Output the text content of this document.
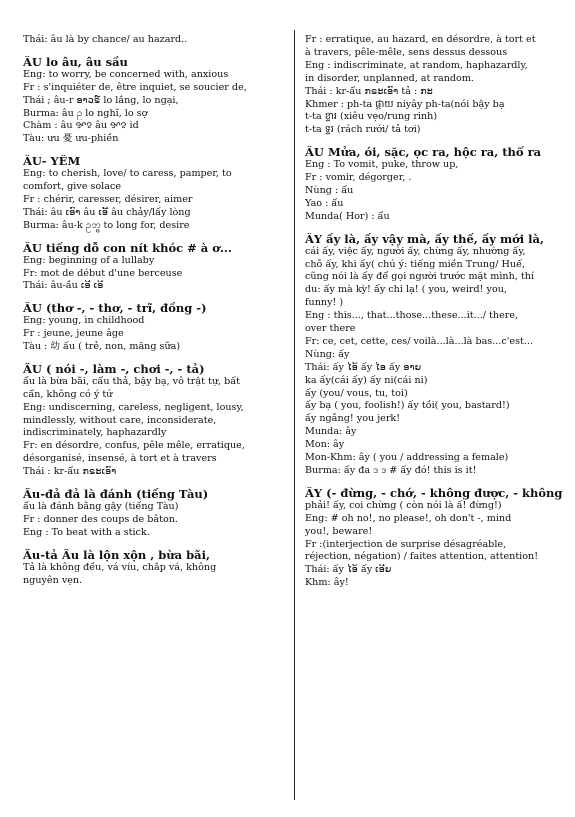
Thái: âu là by chance/ au hazard..
ÂU lo âu, âu sầu
Eng: to worry, be concerned with, anxious
Fr : s'inquiéter de, être inquiet, se soucier de,
Thái ; âu-r ອາວຣ໌ lo lắng, lo ngại,
Burma: âu ဥ lo nghĩ, lo sợ
Chàm : âu ꨀꨂ âu ꨀꨂ id
Tàu: ưu 憂 ưu-phiền
ÂU- YẾM
Eng: to cherish, love/ to caress, pamper, to
comfort, give solace
Fr : chérir, caresser, désirer, aimer
Thái: âu ເອົາ âu ເອີ້ âu chảy/lấy lòng
Burma: âu-k ဥဘ္ဓ to long for, desire
ẦU tiếng dỗ con nít khóc # à ơ...
Eng: beginning of a lullaby
Fr: mot de début d'une berceuse
Thái: âu-ầu ເອີ ເອີ
ẤU (thơ -, - thơ, - trĩ, đồng -)
Eng: young, in childhood
Fr : jeune, jeune âge
Tàu : 幼 ấu ( trẻ, non, măng sữa)
ẨU ( nói -, làm -, chơi -, - tả)
ẩu là bừa bãi, cẩu thả, bậy bạ, vô trật tự, bất
cẩn, không có ý tứ
Eng: undiscerning, careless, negligent, lousy,
mindlessly, without care, inconsiderate,
indiscriminately, haphazardly
Fr: en désordre, confus, pêle mêle, erratique,
désorganisé, insensé, à tort et à travers
Thái : kr-ẩu ກຣະເອົາ
Ẩu-đả đả là đánh (tiếng Tàu)
ẩu là đánh bằng gậy (tiếng Tàu)
Fr : donner des coups de bâton.
Eng : To beat with a stick.
Ẩu-tả Ẩu là lộn xộn , bừa bãi,
Tả là không đều, vá víu, chắp vá, không
nguyên vẹn.
Fr : erratique, au hazard, en désordre, à tort et
à travers, pêle-mêle, sens dessus dessous
Eng : indiscriminate, at random, haphazardly,
in disorder, unplanned, at random.
Thái : kr-ẩu ກຣະເອົາ tả : ກະ
Khmer : ph-ta ផ្តាយ niyây ph-ta(nói bậy bạ
t-ta ខ្ទារ (xiêu vẹo/rung rinh)
t-ta ទ្ទរ (rách rưới/ tả tơi)
ẤU Mửa, ói, sặc, ọc ra, hộc ra, thổ ra
Eng : To vomit, puke, throw up,
Fr : vomir, dégorger, .
Nùng : ẩu
Yao : ẩu
Munda( Hor) : ẩu
ẤY ấy là, ấy vậy mà, ấy thế, ấy mới là,
cái ấy, việc ấy, người ấy, chừng ấy, nhường ấy,
chỗ ấy, khi ấy( chú ý: tiếng miền Trung/ Huế,
cũng nói là ấy để gọi người trước mặt mình, thí
du: ấy mà kỳ! ấy chi lạ! ( you, weird! you,
funny! )
Eng : this..., that...those...these...it.../ there,
over there
Fr: ce, cet, cette, ces/ voilà...là...là bas...c'est...
Nùng: ấy
Thái: ấy ໄອ້ ấy ໄອ ấy ອາຍ
ka ấy(cái ấy) ấy ni(cái ni)
ấy (you/ vous, tu, toi)
ấy bạ ( you, foolish!) ấy tồi( you, bastard!)
ấy ngẫng! you jerk!
Munda: ây
Mon: ây
Mon-Khm: ây ( you / addressing a female)
Burma: ấy đa ဒ ဒ # ấy đó! this is it!
ẤY (- đừng, - chớ, - không được, - không
phải! ấy, coi chừng ( còn nói là ấ! đừng!)
Eng: # oh no!, no please!, oh don't -, mind
you!, beware!
Fr :(interjection de surprise désagréable,
réjection, négation) / faites attention, attention!
Thái: ấy ໄອ້ ấy ເອີຍ
Khm: ây!
